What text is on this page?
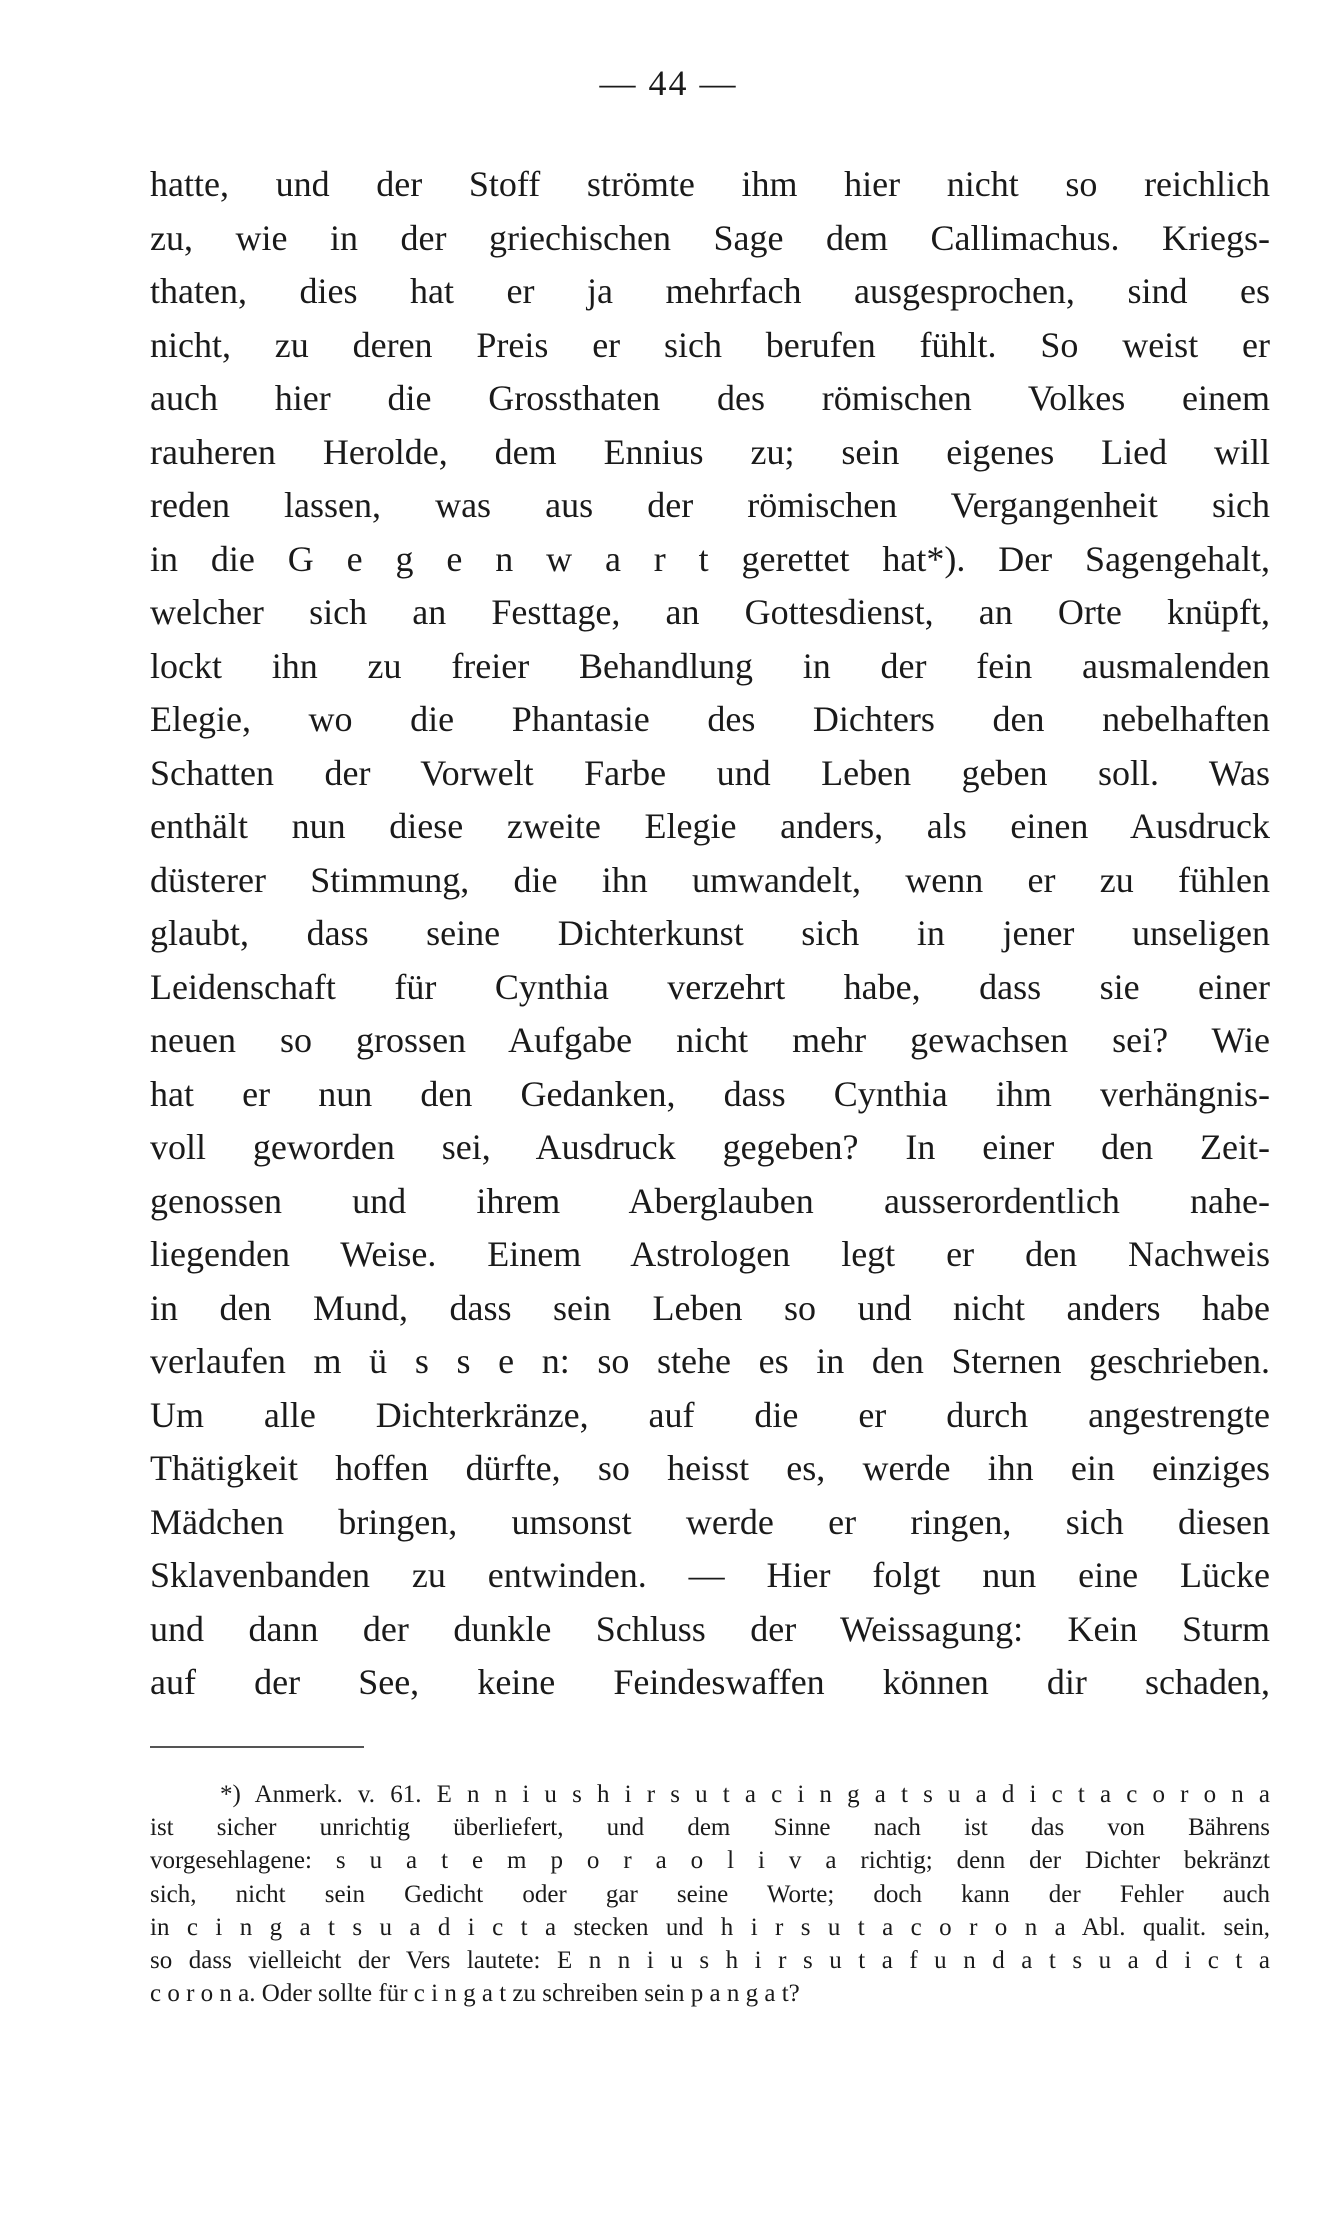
— 44 —
hatte, und der Stoff strömte ihm hier nicht so reichlich
zu, wie in der griechischen Sage dem Callimachus. Kriegs-
thaten, dies hat er ja mehrfach ausgesprochen, sind es
nicht, zu deren Preis er sich berufen fühlt. So weist er
auch hier die Grossthaten des römischen Volkes einem
rauheren Herolde, dem Ennius zu; sein eigenes Lied will
reden lassen, was aus der römischen Vergangenheit sich
in die G e g e n w a r t gerettet hat*). Der Sagengehalt,
welcher sich an Festtage, an Gottesdienst, an Orte knüpft,
lockt ihn zu freier Behandlung in der fein ausmalenden
Elegie, wo die Phantasie des Dichters den nebelhaften
Schatten der Vorwelt Farbe und Leben geben soll. Was
enthält nun diese zweite Elegie anders, als einen Ausdruck
düsterer Stimmung, die ihn umwandelt, wenn er zu fühlen
glaubt, dass seine Dichterkunst sich in jener unseligen
Leidenschaft für Cynthia verzehrt habe, dass sie einer
neuen so grossen Aufgabe nicht mehr gewachsen sei? Wie
hat er nun den Gedanken, dass Cynthia ihm verhängnis-
voll geworden sei, Ausdruck gegeben? In einer den Zeit-
genossen und ihrem Aberglauben ausserordentlich nahe-
liegenden Weise. Einem Astrologen legt er den Nachweis
in den Mund, dass sein Leben so und nicht anders habe
verlaufen m ü s s e n: so stehe es in den Sternen geschrieben.
Um alle Dichterkränze, auf die er durch angestrengte
Thätigkeit hoffen dürfte, so heisst es, werde ihn ein einziges
Mädchen bringen, umsonst werde er ringen, sich diesen
Sklavenbanden zu entwinden. — Hier folgt nun eine Lücke
und dann der dunkle Schluss der Weissagung: Kein Sturm
auf der See, keine Feindeswaffen können dir schaden,
*) Anmerk. v. 61. E n n i u s h i r s u t a c i n g a t s u a d i c t a c o r o n a
ist sicher unrichtig überliefert, und dem Sinne nach ist das von Bährens
vorgesehlagene: s u a t e m p o r a o l i v a richtig; denn der Dichter bekränzt
sich, nicht sein Gedicht oder gar seine Worte; doch kann der Fehler auch
in c i n g a t s u a d i c t a stecken und h i r s u t a c o r o n a Abl. qualit. sein,
so dass vielleicht der Vers lautete: E n n i u s h i r s u t a f u n d a t s u a d i c t a
c o r o n a. Oder sollte für c i n g a t zu schreiben sein p a n g a t?
